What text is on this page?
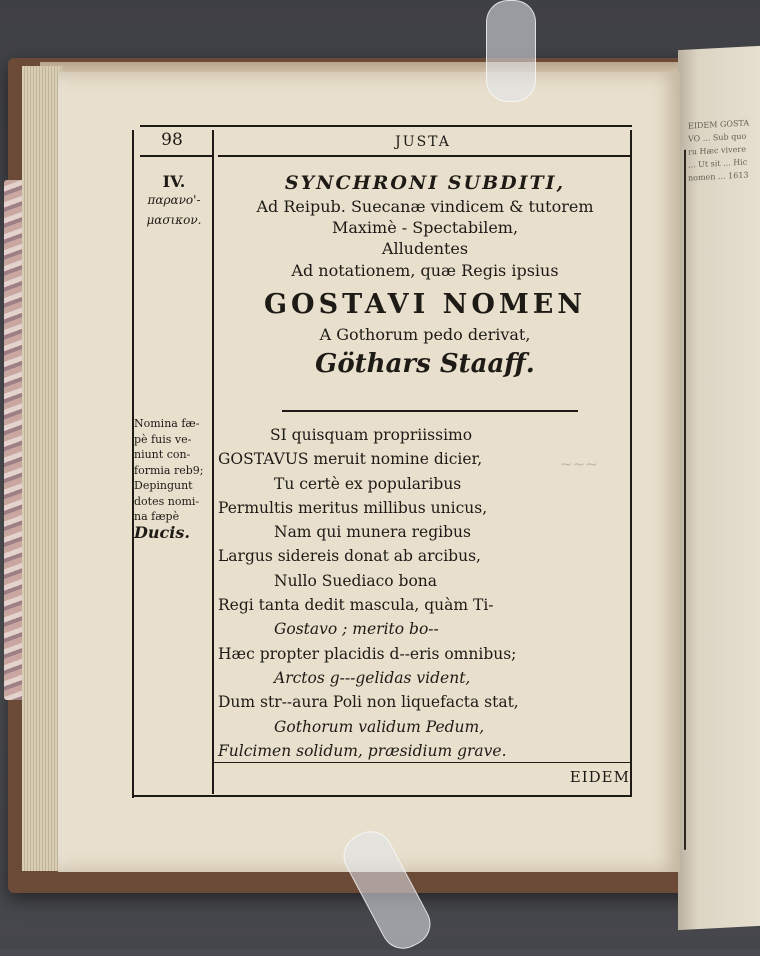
EIDEM GOSTAVO ... Sub quoru Hæc vivere ... Ut sit ... Hic nomen ... 1613
~~~
98	JUSTA
IV.
παρανο'-
μασικον.
Nomina fæ-
pè fuis ve-
niunt con-
formia reb9;
Depingunt
dotes nomi-
na fæpè
Ducis.
SYNCHRONI SUBDITI,
Ad Reipub. Suecanæ vindicem & tutorem
Maximè - Spectabilem,
Alludentes
Ad notationem, quæ Regis ipsius
GOSTAVI NOMEN
A Gothorum pedo derivat,
Göthars Staaff.
SI quisquam propriissimo
GOSTAVUS meruit nomine dicier,
Tu certè ex popularibus
Permultis meritus millibus unicus,
Nam qui munera regibus
Largus sidereis donat ab arcibus,
Nullo Suediaco bona
Regi tanta dedit mascula, quàm Ti-
Gostavo ; merito bo--
Hæc propter placidis d--eris omnibus;
Arctos g---gelidas vident,
Dum str--aura Poli non liquefacta stat,
Gothorum validum Pedum,
Fulcimen solidum, præsidium grave.
EIDEM
